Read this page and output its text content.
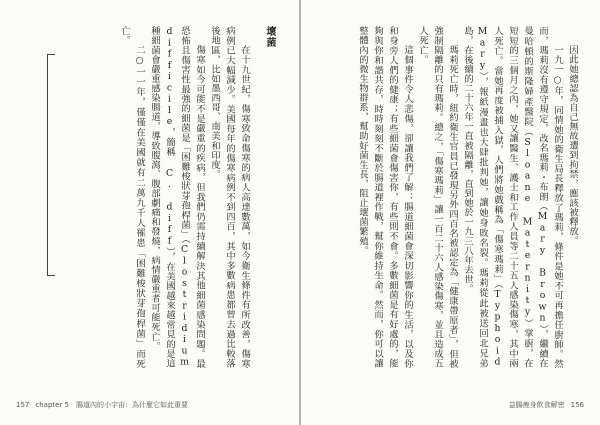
壞菌

在十九世紀，傷寒致命傷寒的病人高達數萬，如今衛生條件有所改善，傷寒病例已大幅減少。美國每年的傷寒病例不到四百，其中多數病患都曾去過比較落後地區，比如墨西哥、南美和印度。

傷寒如今可能不是嚴重的疾病，但我們仍需持續解決其他細菌感染問題。最恐怖且傷害性最強的細菌是「困難梭狀芽孢桿菌」（Clostridium difficile，簡稱 C. diff），在美國越來越常見的是這種細菌會嚴重感染腸道，導致腹瀉、腹部劇痛和發燒，病情嚴重者可能死亡。

二○一一年，僅僅在美國就有二萬九千人罹患「困難梭狀芽孢桿菌」而死亡。

157 chapter 5　腸道內的小宇宙：為什麼它如此重要

因此她總認為自己無故遭到拘禁，應該被釋放。

一九一○年，同情她的衛生局長釋放了瑪莉，條件是她不可再擔任廚師。然而，瑪莉沒有遵守規定，改名瑪莉・布朗（Mary Brown），繼續在曼哈頓的斯隆婦產醫院（Sloane Maternity）掌廚，在短短的三個月之內，她又讓醫生、護士和工作人員等二十五人感染傷寒，其中兩人死亡。當她再度被捕入獄，人們將她戲稱為「傷寒瑪莉」（Typhoid Mary），報紙漫畫也大肆批判她，讓她身敗名裂。瑪莉從此被送回北兄弟島，在後續的二十六年一直被隔離，直到她於一九三八年去世。

瑪莉死亡時，紐約衛生官員已發現另外四百名被認定為「健康帶原者」，但被強制隔離的只有瑪莉。總之，「傷寒瑪莉」讓一百二十六人感染傷寒，並且造成五人死亡。

這個事件令人悲傷，卻讓我們了解：腸道細菌會深切影響你的生活，以及你和身旁人們的健康；有些細菌會傷害你，有些則不會。多數細菌是有好處的，能夠與你和諧共存，時時刻刻不斷於腸道裡作戰，幫你維持生命。然而，你可以讓整體內的微生物群系，幫助好菌生長，阻止壞菌繁殖。

益腸瘦身飲食解密 156
